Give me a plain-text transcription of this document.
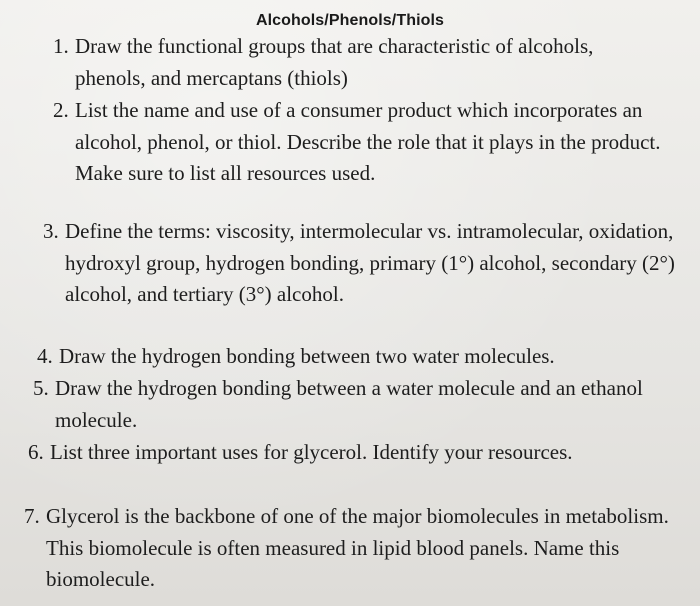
Alcohols/Phenols/Thiols
1. Draw the functional groups that are characteristic of alcohols, phenols, and mercaptans (thiols)
2. List the name and use of a consumer product which incorporates an alcohol, phenol, or thiol. Describe the role that it plays in the product. Make sure to list all resources used.
3. Define the terms: viscosity, intermolecular vs. intramolecular, oxidation, hydroxyl group, hydrogen bonding, primary (1°) alcohol, secondary (2°) alcohol, and tertiary (3°) alcohol.
4. Draw the hydrogen bonding between two water molecules.
5. Draw the hydrogen bonding between a water molecule and an ethanol molecule.
6. List three important uses for glycerol. Identify your resources.
7. Glycerol is the backbone of one of the major biomolecules in metabolism. This biomolecule is often measured in lipid blood panels. Name this biomolecule.
